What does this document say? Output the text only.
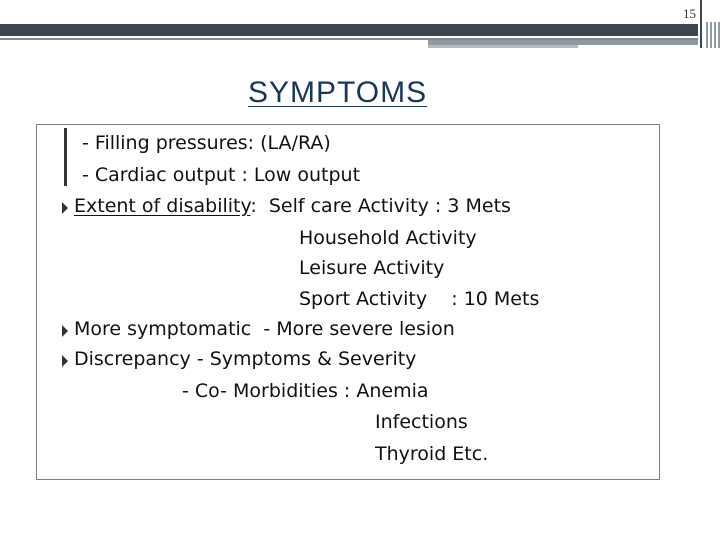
15
SYMPTOMS
- Filling pressures: (LA/RA)
- Cardiac output : Low output
Extent of disability:  Self care Activity : 3 Mets
Household Activity
Leisure Activity
Sport Activity    : 10 Mets
More symptomatic  - More severe lesion
Discrepancy - Symptoms & Severity
- Co- Morbidities : Anemia
Infections
Thyroid Etc.
